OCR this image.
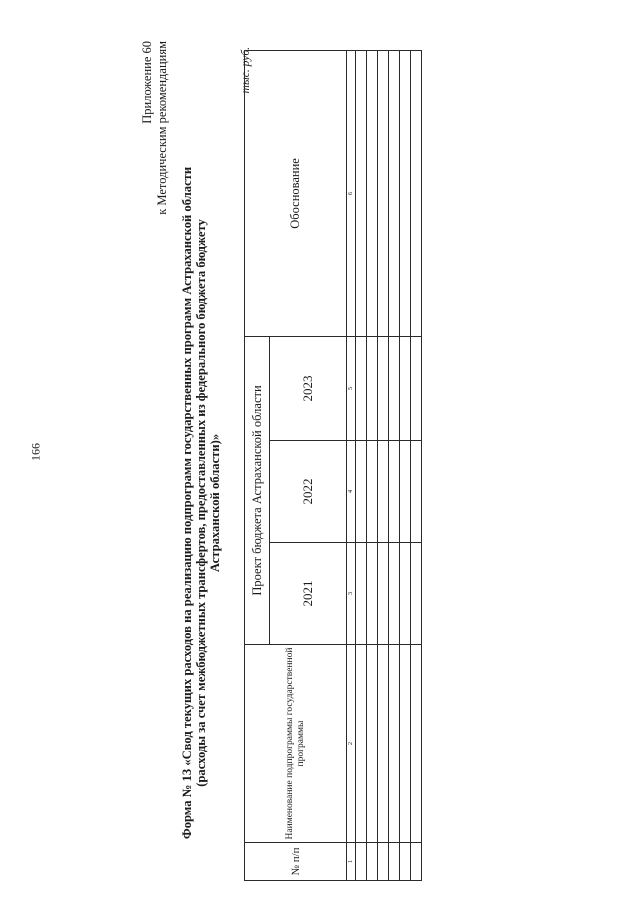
166
Приложение 60 к Методическим рекомендациям
Форма № 13 «Свод текущих расходов на реализацию подпрограмм государственных программ Астраханской области (расходы за счет межбюджетных трансфертов, предоставленных из федерального бюджета бюджету Астраханской области)»
тыс. руб.
№ п/п	Наименование подпрограммы государственной программы	Проект бюджета Астраханской области			Обоснование
		2021	2022	2023	
1	2	3	4	5	6
